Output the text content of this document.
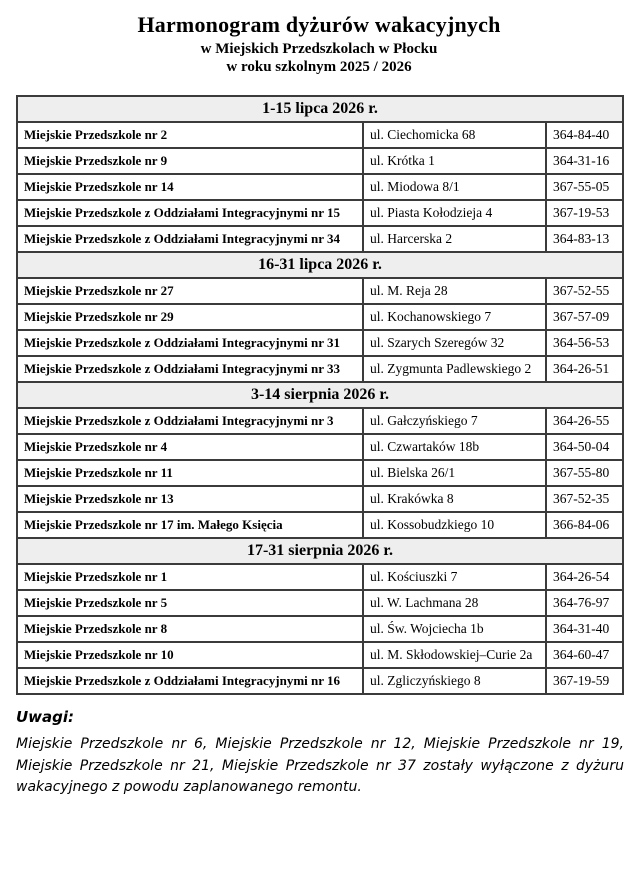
Harmonogram dyżurów wakacyjnych
w Miejskich Przedszkolach w Płocku
w roku szkolnym 2025 / 2026
1-15 lipca 2026 r.		
Miejskie Przedszkole nr 2	ul. Ciechomicka 68	364-84-40
Miejskie Przedszkole nr 9	ul. Krótka 1	364-31-16
Miejskie Przedszkole nr 14	ul. Miodowa 8/1	367-55-05
Miejskie Przedszkole z Oddziałami Integracyjnymi nr 15	ul. Piasta Kołodzieja 4	367-19-53
Miejskie Przedszkole z Oddziałami Integracyjnymi nr 34	ul. Harcerska 2	364-83-13
16-31 lipca 2026 r.		
Miejskie Przedszkole nr 27	ul. M. Reja 28	367-52-55
Miejskie Przedszkole nr 29	ul. Kochanowskiego 7	367-57-09
Miejskie Przedszkole z Oddziałami Integracyjnymi nr 31	ul. Szarych Szeregów 32	364-56-53
Miejskie Przedszkole z Oddziałami Integracyjnymi nr 33	ul. Zygmunta Padlewskiego 2	364-26-51
3-14 sierpnia 2026 r.		
Miejskie Przedszkole z Oddziałami Integracyjnymi nr 3	ul. Gałczyńskiego 7	364-26-55
Miejskie Przedszkole nr 4	ul. Czwartaków 18b	364-50-04
Miejskie Przedszkole nr 11	ul. Bielska 26/1	367-55-80
Miejskie Przedszkole nr 13	ul. Krakówka 8	367-52-35
Miejskie Przedszkole nr 17 im. Małego Księcia	ul. Kossobudzkiego 10	366-84-06
17-31 sierpnia 2026 r.		
Miejskie Przedszkole nr 1	ul. Kościuszki 7	364-26-54
Miejskie Przedszkole nr 5	ul. W. Lachmana 28	364-76-97
Miejskie Przedszkole nr 8	ul. Św. Wojciecha 1b	364-31-40
Miejskie Przedszkole nr 10	ul. M. Skłodowskiej–Curie 2a	364-60-47
Miejskie Przedszkole z Oddziałami Integracyjnymi nr 16	ul. Zgliczyńskiego 8	367-19-59

Uwagi:

Miejskie Przedszkole nr 6, Miejskie Przedszkole nr 12, Miejskie Przedszkole nr 19, Miejskie Przedszkole nr 21, Miejskie Przedszkole nr 37 zostały wyłączone z dyżuru wakacyjnego z powodu zaplanowanego remontu.
